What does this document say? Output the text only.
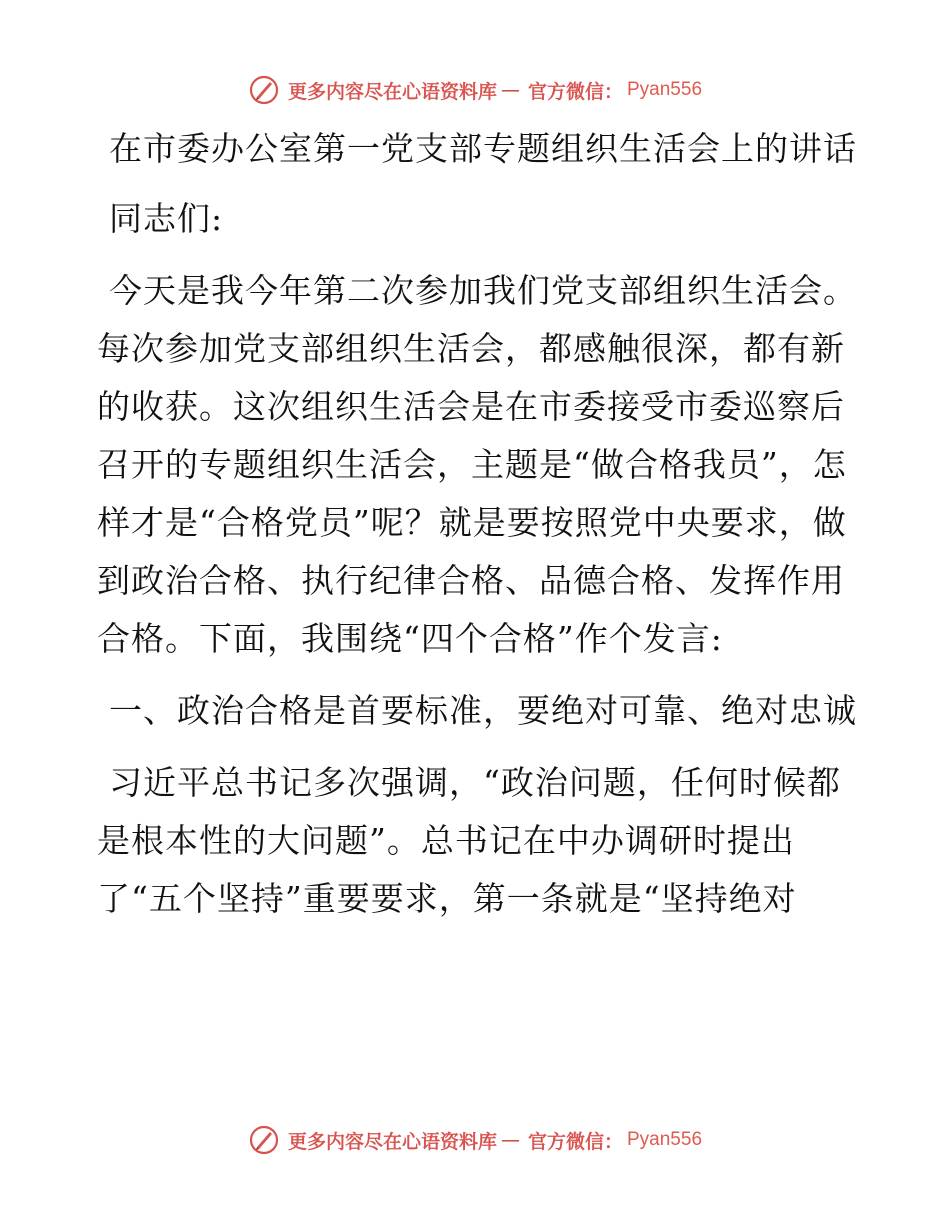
更多内容尽在心语资料库 — 官方微信： Pyan556

在市委办公室第一党支部专题组织生活会上的讲话

同志们:

今天是我今年第二次参加我们党支部组织生活会。每次参加党支部组织生活会，都感触很深，都有新的收获。这次组织生活会是在市委接受市委巡察后召开的专题组织生活会，主题是“做合格我员”，怎样才是“合格党员”呢？就是要按照党中央要求，做到政治合格、执行纪律合格、品德合格、发挥作用合格。下面，我围绕“四个合格”作个发言:

一、政治合格是首要标准，要绝对可靠、绝对忠诚

习近平总书记多次强调，“政治问题，任何时候都是根本性的大问题”。总书记在中办调研时提出了“五个坚持”重要要求，第一条就是“坚持绝对

更多内容尽在心语资料库 — 官方微信： Pyan556
